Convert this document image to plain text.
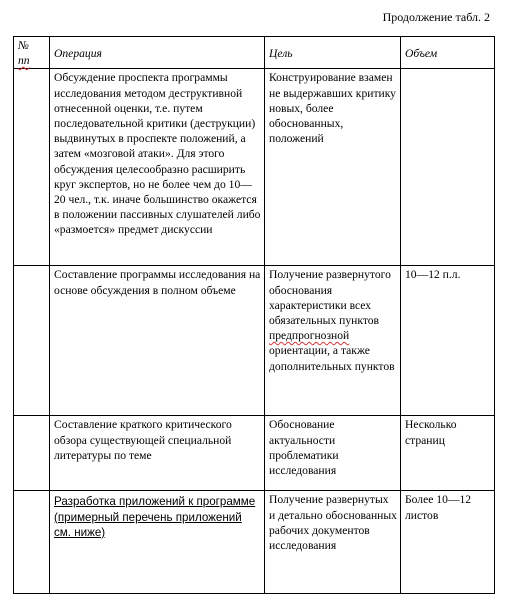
Продолжение табл. 2
№
пп	Операция	Цель	Объем
	Обсуждение проспекта программы исследования методом деструктивной отнесенной оценки, т.е. путем последовательной критики (деструкции) выдвинутых в проспекте положений, а затем «мозговой атаки». Для этого обсуждения целесообразно расширить круг экспертов, но не более чем до 10—20 чел., т.к. иначе большинство окажется в положении пассивных слушателей либо «размоется» предмет дискуссии	Конструирование взамен не выдержавших критику новых, более обоснованных, положений	
	Составление программы исследования на основе обсуждения в полном объеме	Получение развернутого обоснования характеристики всех обязательных пунктов предпрогнозной ориентации, а также дополнительных пунктов	10—12 п.л.
	Составление краткого критического обзора существующей специальной литературы по теме	Обоснование актуальности проблематики исследования	Несколько страниц
	Разработка приложений к программе (примерный перечень приложений см. ниже)	Получение развернутых и детально обоснованных рабочих документов исследования	Более 10—12 листов
